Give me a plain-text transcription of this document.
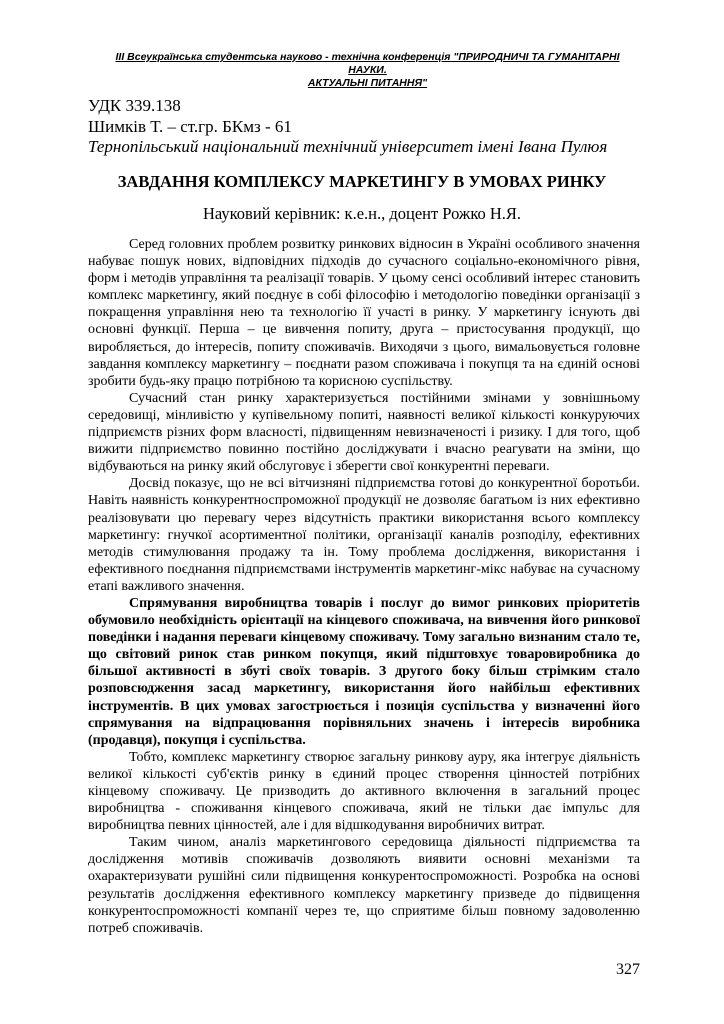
ІІІ Всеукраїнська студентська науково - технічна конференція "ПРИРОДНИЧІ ТА ГУМАНІТАРНІ НАУКИ.
АКТУАЛЬНІ ПИТАННЯ"
УДК 339.138
Шимків Т. – ст.гр. БКмз - 61
Тернопільський національний технічний університет імені Івана Пулюя
ЗАВДАННЯ КОМПЛЕКСУ МАРКЕТИНГУ В УМОВАХ РИНКУ
Науковий керівник: к.е.н., доцент Рожко Н.Я.

Серед головних проблем розвитку ринкових відносин в Україні особливого значення набуває пошук нових, відповідних підходів до сучасного соціально-економічного рівня, форм і методів управління та реалізації товарів. У цьому сенсі особливий інтерес становить комплекс маркетингу, який поєднує в собі філософію і методологію поведінки організації з покращення управління нею та технологію її участі в ринку. У маркетингу існують дві основні функції. Перша – це вивчення попиту, друга – пристосування продукції, що виробляється, до інтересів, попиту споживачів. Виходячи з цього, вимальовується головне завдання комплексу маркетингу – поєднати разом споживача і покупця та на єдиній основі зробити будь-яку працю потрібною та корисною суспільству.

Сучасний стан ринку характеризується постійними змінами у зовнішньому середовищі, мінливістю у купівельному попиті, наявності великої кількості конкуруючих підприємств різних форм власності, підвищенням невизначеності і ризику. І для того, щоб вижити підприємство повинно постійно досліджувати і вчасно реагувати на зміни, що відбуваються на ринку який обслуговує і зберегти свої конкурентні переваги.

Досвід показує, що не всі вітчизняні підприємства готові до конкурентної боротьби. Навіть наявність конкурентноспроможної продукції не дозволяє багатьом із них ефективно реалізовувати цю перевагу через відсутність практики використання всього комплексу маркетингу: гнучкої асортиментної політики, організації каналів розподілу, ефективних методів стимулювання продажу та ін. Тому проблема дослідження, використання і ефективного поєднання підприємствами інструментів маркетинг-мікс набуває на сучасному етапі важливого значення.

Спрямування виробництва товарів і послуг до вимог ринкових пріоритетів обумовило необхідність орієнтації на кінцевого споживача, на вивчення його ринкової поведінки і надання переваги кінцевому споживачу. Тому загально визнаним стало те, що світовий ринок став ринком покупця, який підштовхує товаровиробника до більшої активності в збуті своїх товарів. З другого боку більш стрімким стало розповсюдження засад маркетингу, використання його найбільш ефективних інструментів. В цих умовах загострюється і позиція суспільства у визначенні його спрямування на відпрацювання порівняльних значень і інтересів виробника (продавця), покупця і суспільства.

Тобто, комплекс маркетингу створює загальну ринкову ауру, яка інтегрує діяльність великої кількості суб'єктів ринку в єдиний процес створення цінностей потрібних кінцевому споживачу. Це призводить до активного включення в загальний процес виробництва - споживання кінцевого споживача, який не тільки дає імпульс для виробництва певних цінностей, але і для відшкодування виробничих витрат.

Таким чином, аналіз маркетингового середовища діяльності підприємства та дослідження мотивів споживачів дозволяють виявити основні механізми та охарактеризувати рушійні сили підвищення конкурентоспроможності. Розробка на основі результатів дослідження ефективного комплексу маркетингу призведе до підвищення конкурентоспроможності компанії через те, що сприятиме більш повному задоволенню потреб споживачів.

327
